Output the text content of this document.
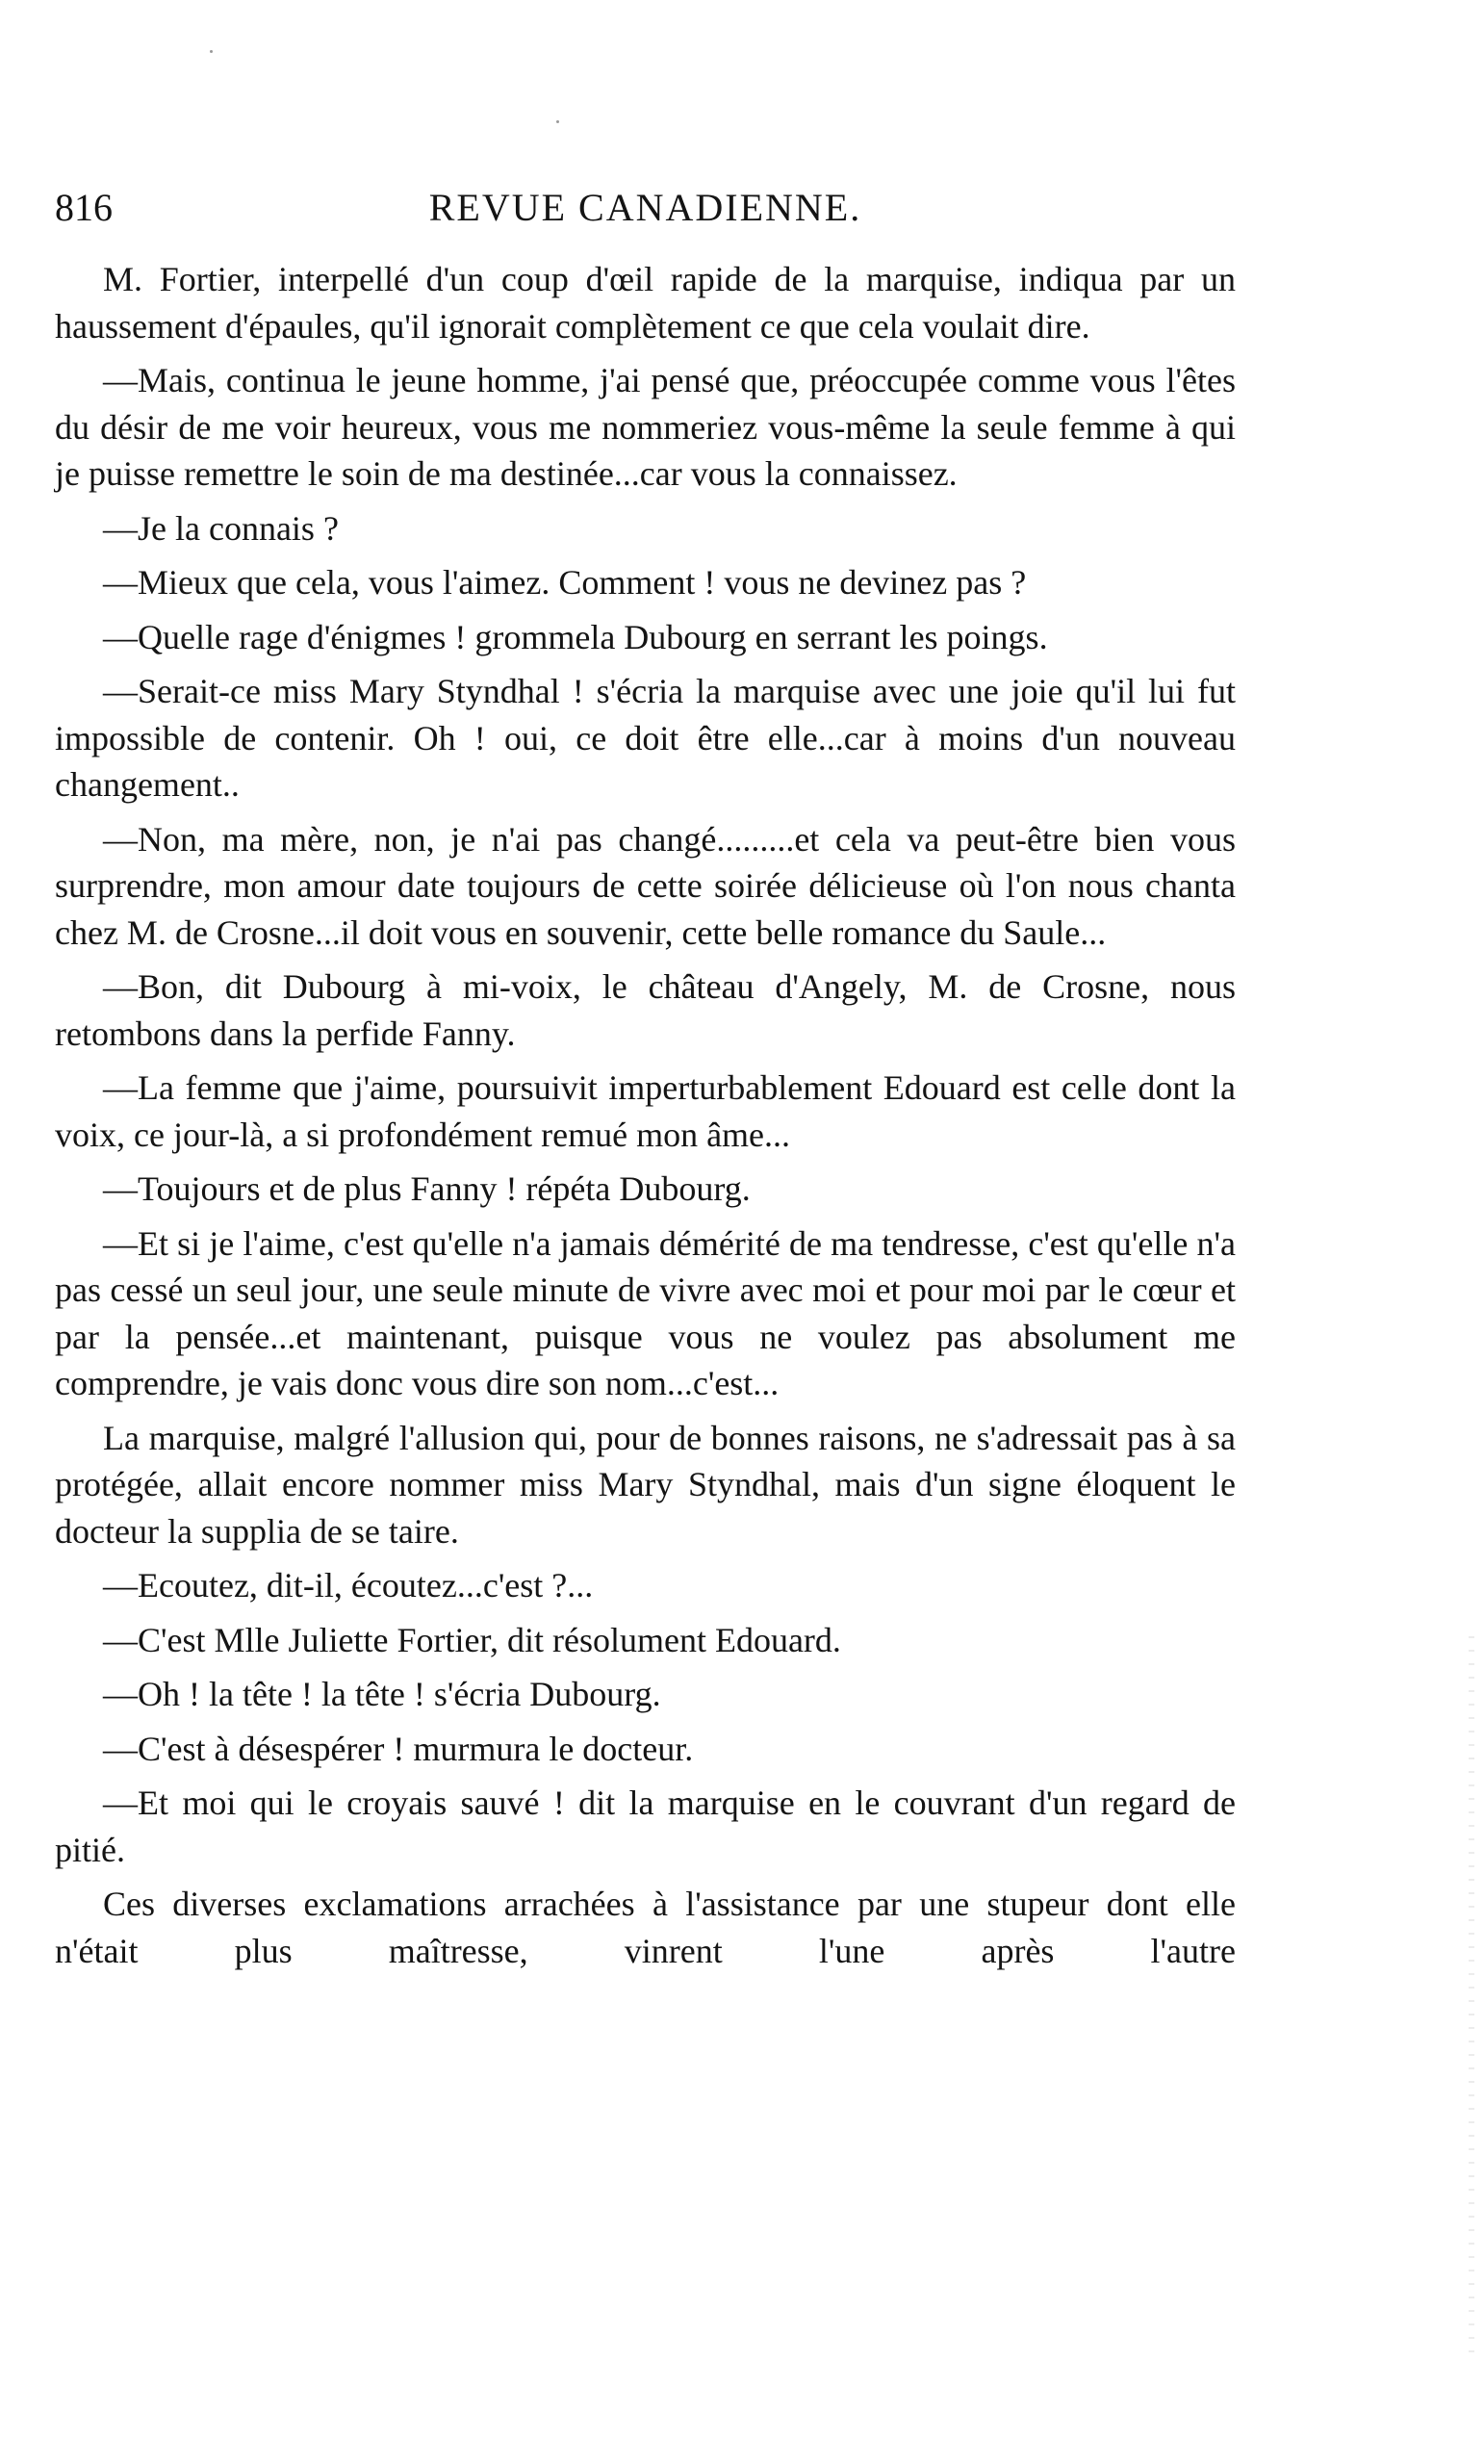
816	REVUE CANADIENNE.

M. Fortier, interpellé d'un coup d'œil rapide de la marquise, indiqua par un haussement d'épaules, qu'il ignorait complètement ce que cela voulait dire.

—Mais, continua le jeune homme, j'ai pensé que, préoccupée comme vous l'êtes du désir de me voir heureux, vous me nommeriez vous-même la seule femme à qui je puisse remettre le soin de ma destinée...car vous la connaissez.

—Je la connais ?

—Mieux que cela, vous l'aimez. Comment ! vous ne devinez pas ?

—Quelle rage d'énigmes ! grommela Dubourg en serrant les poings.

—Serait-ce miss Mary Styndhal ! s'écria la marquise avec une joie qu'il lui fut impossible de contenir. Oh ! oui, ce doit être elle...car à moins d'un nouveau changement..

—Non, ma mère, non, je n'ai pas changé.........et cela va peut-être bien vous surprendre, mon amour date toujours de cette soirée délicieuse où l'on nous chanta chez M. de Crosne...il doit vous en souvenir, cette belle romance du Saule...

—Bon, dit Dubourg à mi-voix, le château d'Angely, M. de Crosne, nous retombons dans la perfide Fanny.

—La femme que j'aime, poursuivit imperturbablement Edouard est celle dont la voix, ce jour-là, a si profondément remué mon âme...

—Toujours et de plus Fanny ! répéta Dubourg.

—Et si je l'aime, c'est qu'elle n'a jamais démérité de ma tendresse, c'est qu'elle n'a pas cessé un seul jour, une seule minute de vivre avec moi et pour moi par le cœur et par la pensée...et maintenant, puisque vous ne voulez pas absolument me comprendre, je vais donc vous dire son nom...c'est...

La marquise, malgré l'allusion qui, pour de bonnes raisons, ne s'adressait pas à sa protégée, allait encore nommer miss Mary Styndhal, mais d'un signe éloquent le docteur la supplia de se taire.

—Ecoutez, dit-il, écoutez...c'est ?...

—C'est Mlle Juliette Fortier, dit résolument Edouard.

—Oh ! la tête ! la tête ! s'écria Dubourg.

—C'est à désespérer ! murmura le docteur.

—Et moi qui le croyais sauvé ! dit la marquise en le couvrant d'un regard de pitié.

Ces diverses exclamations arrachées à l'assistance par une stupeur dont elle n'était plus maîtresse, vinrent l'une après l'autre
